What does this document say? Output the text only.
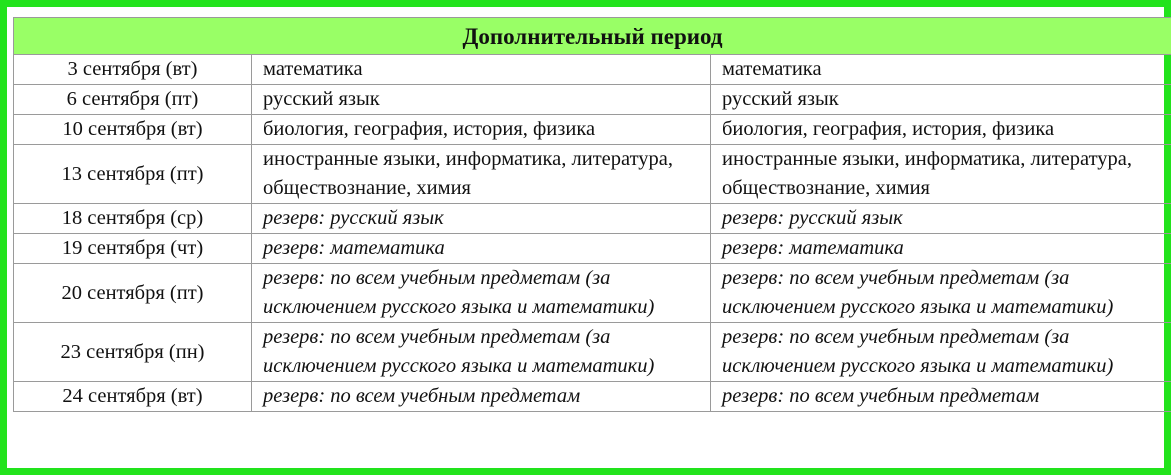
Дополнительный период		
3 сентября (вт)	математика	математика
6 сентября (пт)	русский язык	русский язык
10 сентября (вт)	биология, география, история, физика	биология, география, история, физика
13 сентября (пт)	иностранные языки, информатика, литература, обществознание, химия	иностранные языки, информатика, литература, обществознание, химия
18 сентября (ср)	резерв: русский язык	резерв: русский язык
19 сентября (чт)	резерв: математика	резерв: математика
20 сентября (пт)	резерв: по всем учебным предметам (за исключением русского языка и математики)	резерв: по всем учебным предметам (за исключением русского языка и математики)
23 сентября (пн)	резерв: по всем учебным предметам (за исключением русского языка и математики)	резерв: по всем учебным предметам (за исключением русского языка и математики)
24 сентября (вт)	резерв: по всем учебным предметам	резерв: по всем учебным предметам
